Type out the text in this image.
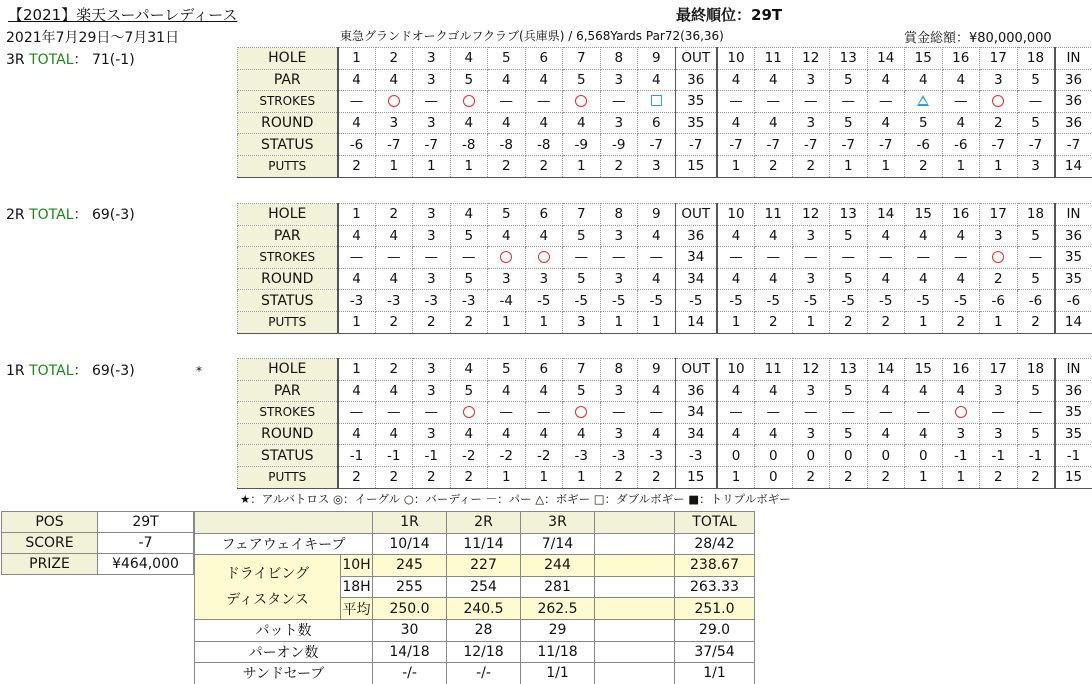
【2021】楽天スーパーレディース
2021年7月29日～7月31日
最終順位：29T
東急グランドオークゴルフクラブ(兵庫県) / 6,568Yards Par72(36,36)	賞金総額：¥80,000,000
3R TOTAL： 71(-1)
2R TOTAL： 69(-3)
1R TOTAL： 69(-3)	*
HOLE	1	2	3	4	5	6	7	8	9	OUT	10	11	12	13	14	15	16	17	18	IN
PAR	4	4	3	5	4	4	5	3	4	36	4	4	3	5	4	4	4	3	5	36
STROKES	—		—		—	—		—		35	—	—	—	—	—		—		—	36
ROUND	4	3	3	4	4	4	4	3	6	35	4	4	3	5	4	5	4	2	5	36
STATUS	-6	-7	-7	-8	-8	-8	-9	-9	-7	-7	-7	-7	-7	-7	-7	-6	-6	-7	-7	-7
PUTTS	2	1	1	1	2	2	1	2	3	15	1	2	2	1	1	2	1	1	3	14
HOLE	1	2	3	4	5	6	7	8	9	OUT	10	11	12	13	14	15	16	17	18	IN
PAR	4	4	3	5	4	4	5	3	4	36	4	4	3	5	4	4	4	3	5	36
STROKES	—	—	—	—			—	—	—	34	—	—	—	—	—	—	—		—	35
ROUND	4	4	3	5	3	3	5	3	4	34	4	4	3	5	4	4	4	2	5	35
STATUS	-3	-3	-3	-3	-4	-5	-5	-5	-5	-5	-5	-5	-5	-5	-5	-5	-5	-6	-6	-6
PUTTS	1	2	2	2	1	1	3	1	1	14	1	2	1	2	2	1	2	1	2	14
HOLE	1	2	3	4	5	6	7	8	9	OUT	10	11	12	13	14	15	16	17	18	IN
PAR	4	4	3	5	4	4	5	3	4	36	4	4	3	5	4	4	4	3	5	36
STROKES	—	—	—		—	—		—	—	34	—	—	—	—	—	—		—	—	35
ROUND	4	4	3	4	4	4	4	3	4	34	4	4	3	5	4	4	3	3	5	35
STATUS	-1	-1	-1	-2	-2	-2	-3	-3	-3	-3	0	0	0	0	0	0	-1	-1	-1	-1
PUTTS	2	2	2	2	1	1	1	2	2	15	1	0	2	2	2	1	1	2	2	15
★：アルバトロス ◎：イーグル ○：バーディー －：パー △：ボギー □：ダブルボギー ■：トリプルボギー
POS	29T
SCORE	-7
PRIZE	¥464,000
		1R	2R	3R		TOTAL
フェアウェイキープ		10/14	11/14	7/14		28/42

ドライビング
ディスタンス	10H	245	227	244		238.67
	18H	255	254	281		263.33
	平均	250.0	240.5	262.5		251.0
パット数		30	28	29		29.0
パーオン数		14/18	12/18	11/18		37/54
サンドセーブ		-/-	-/-	1/1		1/1
